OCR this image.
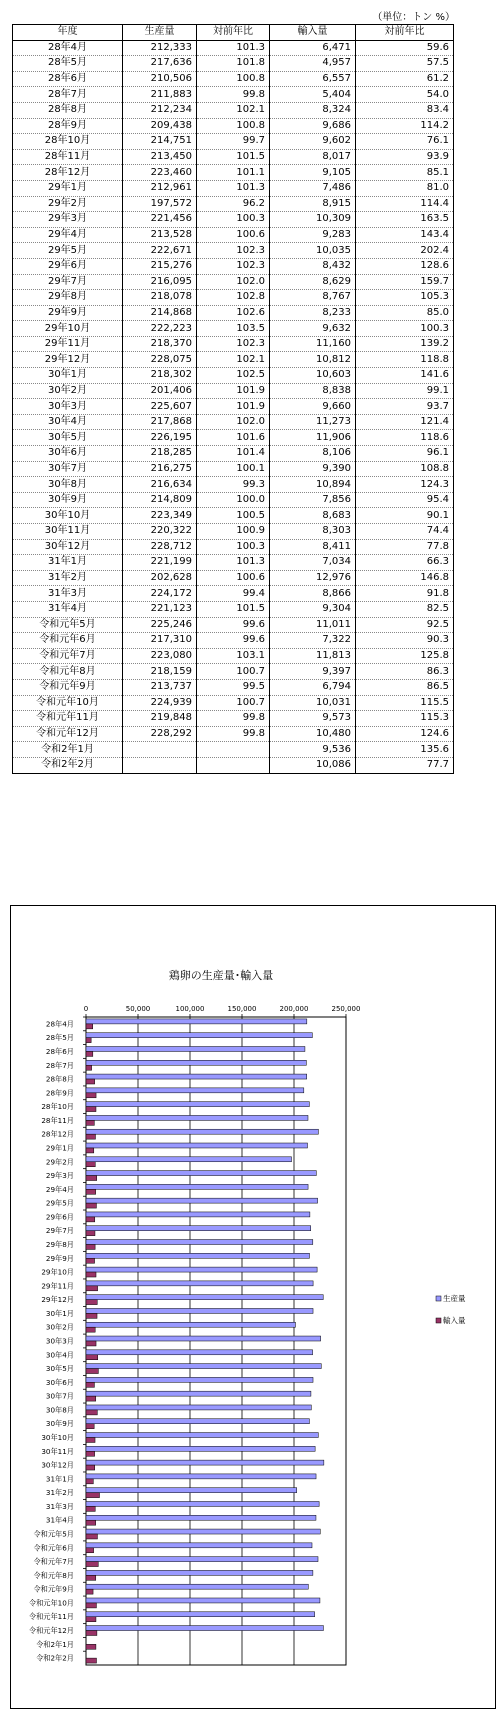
（単位：トン %）
年度	生産量	対前年比	輸入量	対前年比
28年4月	212,333	101.3	6,471	59.6
28年5月	217,636	101.8	4,957	57.5
28年6月	210,506	100.8	6,557	61.2
28年7月	211,883	99.8	5,404	54.0
28年8月	212,234	102.1	8,324	83.4
28年9月	209,438	100.8	9,686	114.2
28年10月	214,751	99.7	9,602	76.1
28年11月	213,450	101.5	8,017	93.9
28年12月	223,460	101.1	9,105	85.1
29年1月	212,961	101.3	7,486	81.0
29年2月	197,572	96.2	8,915	114.4
29年3月	221,456	100.3	10,309	163.5
29年4月	213,528	100.6	9,283	143.4
29年5月	222,671	102.3	10,035	202.4
29年6月	215,276	102.3	8,432	128.6
29年7月	216,095	102.0	8,629	159.7
29年8月	218,078	102.8	8,767	105.3
29年9月	214,868	102.6	8,233	85.0
29年10月	222,223	103.5	9,632	100.3
29年11月	218,370	102.3	11,160	139.2
29年12月	228,075	102.1	10,812	118.8
30年1月	218,302	102.5	10,603	141.6
30年2月	201,406	101.9	8,838	99.1
30年3月	225,607	101.9	9,660	93.7
30年4月	217,868	102.0	11,273	121.4
30年5月	226,195	101.6	11,906	118.6
30年6月	218,285	101.4	8,106	96.1
30年7月	216,275	100.1	9,390	108.8
30年8月	216,634	99.3	10,894	124.3
30年9月	214,809	100.0	7,856	95.4
30年10月	223,349	100.5	8,683	90.1
30年11月	220,322	100.9	8,303	74.4
30年12月	228,712	100.3	8,411	77.8
31年1月	221,199	101.3	7,034	66.3
31年2月	202,628	100.6	12,976	146.8
31年3月	224,172	99.4	8,866	91.8
31年4月	221,123	101.5	9,304	82.5
令和元年5月	225,246	99.6	11,011	92.5
令和元年6月	217,310	99.6	7,322	90.3
令和元年7月	223,080	103.1	11,813	125.8
令和元年8月	218,159	100.7	9,397	86.3
令和元年9月	213,737	99.5	6,794	86.5
令和元年10月	224,939	100.7	10,031	115.5
令和元年11月	219,848	99.8	9,573	115.3
令和元年12月	228,292	99.8	10,480	124.6
令和2年1月			9,536	135.6
令和2年2月			10,086	77.7
鶏卵の生産量･輸入量
0	50,000	100,000	150,000	200,000	250,000
28年4月
28年5月
28年6月
28年7月
28年8月
28年9月
28年10月
28年11月
28年12月
29年1月
29年2月
29年3月
29年4月
29年5月
29年6月
29年7月
29年8月
29年9月
29年10月
29年11月
29年12月
30年1月
30年2月
30年3月
30年4月
30年5月
30年6月
30年7月
30年8月
30年9月
30年10月
30年11月
30年12月
31年1月
31年2月
31年3月
31年4月
令和元年5月
令和元年6月
令和元年7月
令和元年8月
令和元年9月
令和元年10月
令和元年11月
令和元年12月
令和2年1月
令和2年2月
生産量
輸入量
